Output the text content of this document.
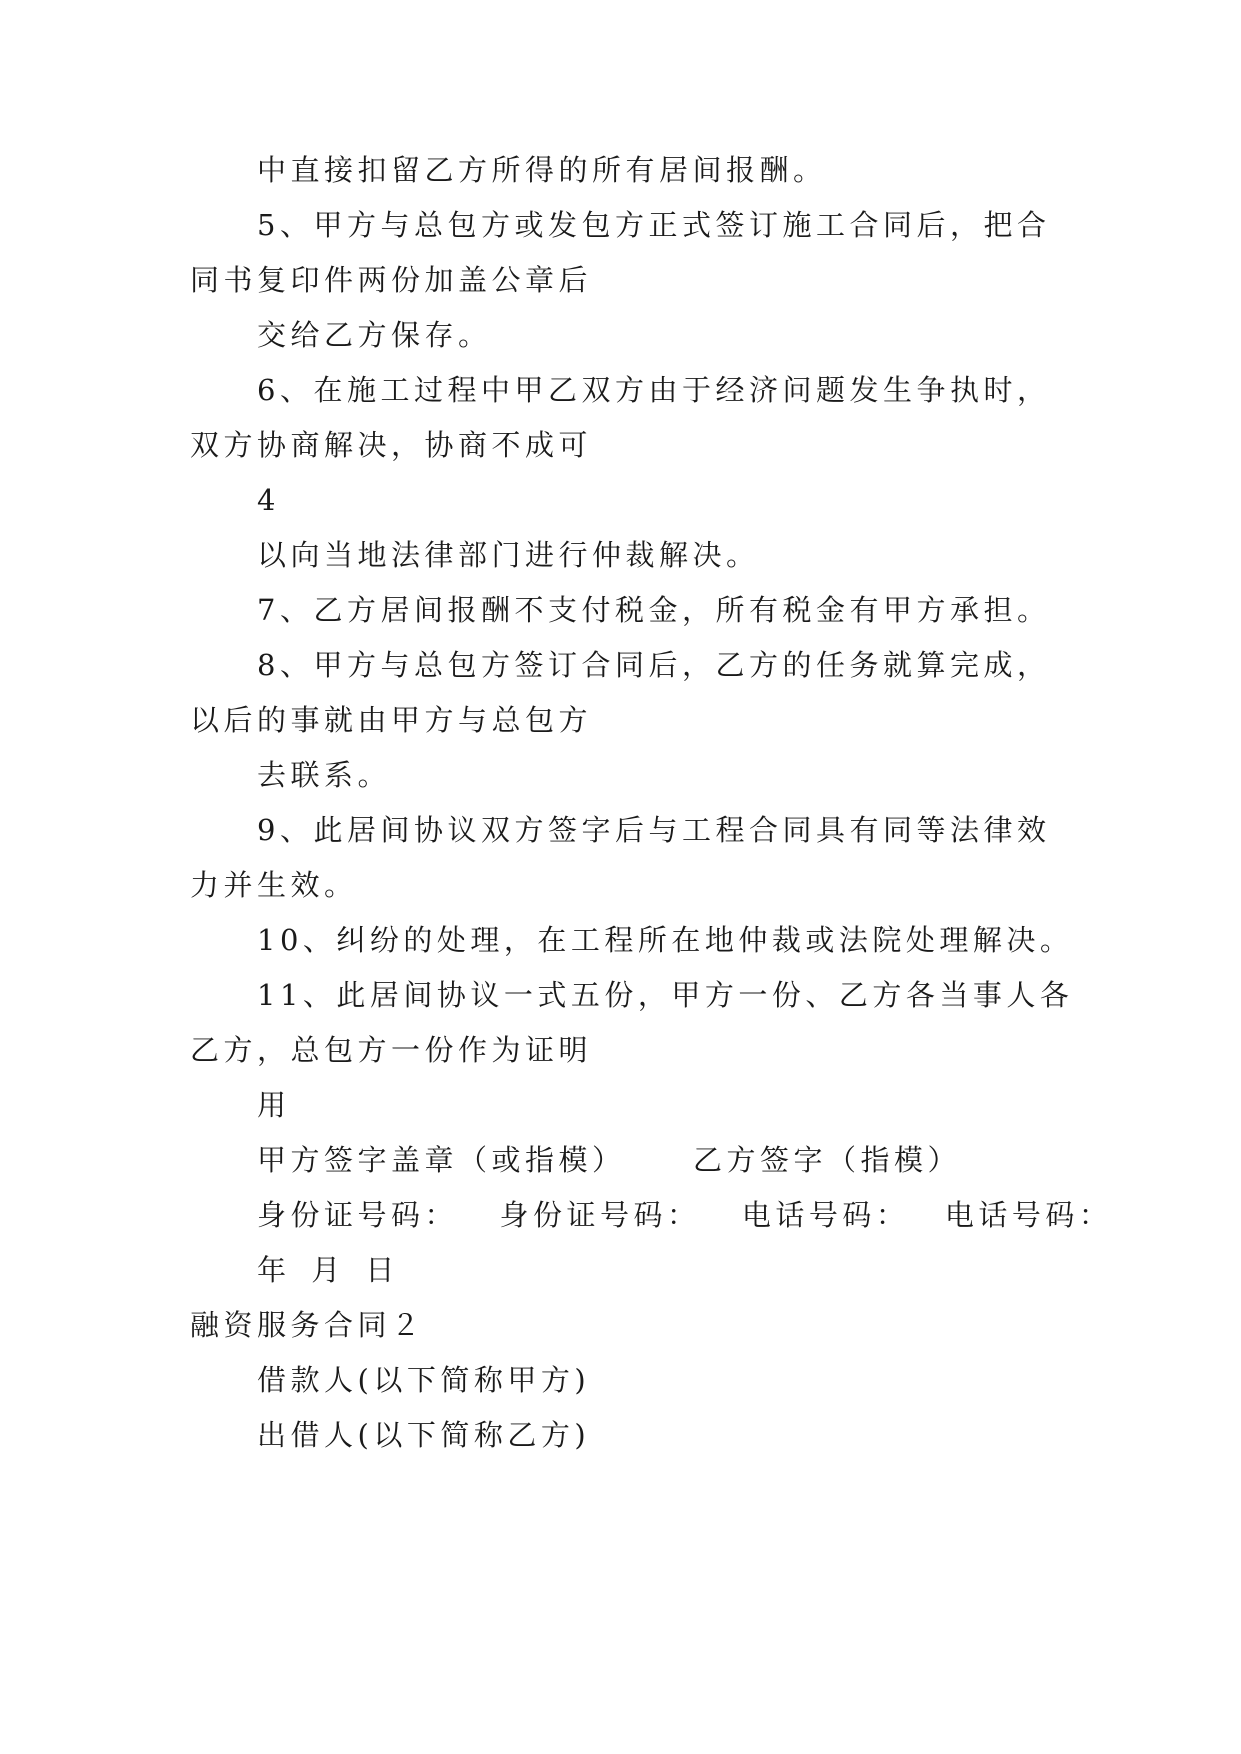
中直接扣留乙方所得的所有居间报酬。
5、甲方与总包方或发包方正式签订施工合同后，把合
同书复印件两份加盖公章后
交给乙方保存。
6、在施工过程中甲乙双方由于经济问题发生争执时，
双方协商解决，协商不成可
4
以向当地法律部门进行仲裁解决。
7、乙方居间报酬不支付税金，所有税金有甲方承担。
8、甲方与总包方签订合同后，乙方的任务就算完成，
以后的事就由甲方与总包方
去联系。
9、此居间协议双方签字后与工程合同具有同等法律效
力并生效。
10、纠纷的处理，在工程所在地仲裁或法院处理解决。
11、此居间协议一式五份，甲方一份、乙方各当事人各
乙方，总包方一份作为证明
用
甲方签字盖章（或指模） 乙方签字（指模）
身份证号码： 身份证号码： 电话号码： 电话号码：
年 月 日
融资服务合同２
借款人(以下简称甲方)
出借人(以下简称乙方)
